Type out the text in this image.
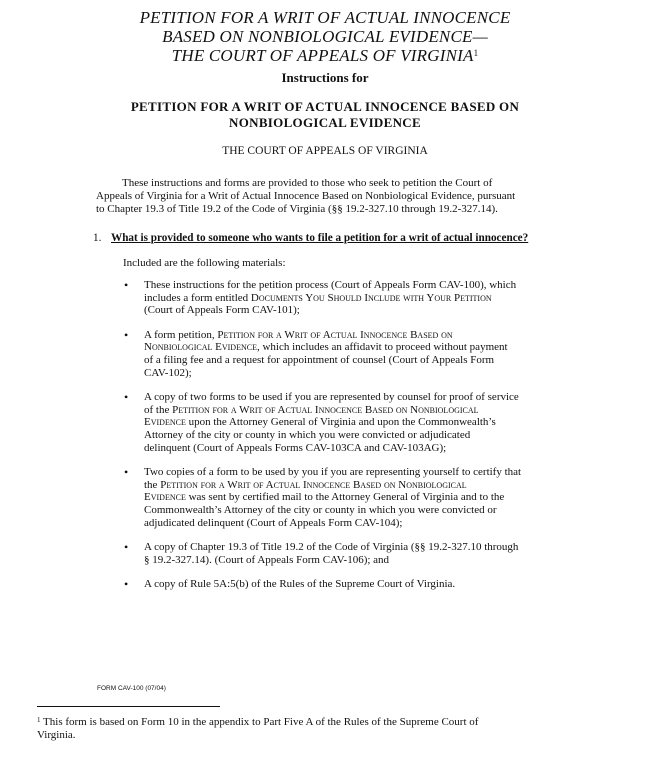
PETITION FOR A WRIT OF ACTUAL INNOCENCE
BASED ON NONBIOLOGICAL EVIDENCE—
THE COURT OF APPEALS OF VIRGINIA$^1$
Instructions for
PETITION FOR A WRIT OF ACTUAL INNOCENCE BASED ON
NONBIOLOGICAL EVIDENCE
THE COURT OF APPEALS OF VIRGINIA
These instructions and forms are provided to those who seek to petition the Court of
Appeals of Virginia for a Writ of Actual Innocence Based on Nonbiological Evidence, pursuant
to Chapter 19.3 of Title 19.2 of the Code of Virginia (§§ 19.2-327.10 through 19.2-327.14).
1. What is provided to someone who wants to file a petition for a writ of actual innocence?
Included are the following materials:
• These instructions for the petition process (Court of Appeals Form CAV-100), which
includes a form entitled Documents You Should Include with Your Petition
(Court of Appeals Form CAV-101);
• A form petition, Petition for a Writ of Actual Innocence Based on
Nonbiological Evidence, which includes an affidavit to proceed without payment
of a filing fee and a request for appointment of counsel (Court of Appeals Form
CAV-102);
• A copy of two forms to be used if you are represented by counsel for proof of service
of the Petition for a Writ of Actual Innocence Based on Nonbiological
Evidence upon the Attorney General of Virginia and upon the Commonwealth’s
Attorney of the city or county in which you were convicted or adjudicated
delinquent (Court of Appeals Forms CAV-103CA and CAV-103AG);
• Two copies of a form to be used by you if you are representing yourself to certify that
the Petition for a Writ of Actual Innocence Based on Nonbiological
Evidence was sent by certified mail to the Attorney General of Virginia and to the
Commonwealth’s Attorney of the city or county in which you were convicted or
adjudicated delinquent (Court of Appeals Form CAV-104);
• A copy of Chapter 19.3 of Title 19.2 of the Code of Virginia (§§ 19.2-327.10 through
§ 19.2-327.14). (Court of Appeals Form CAV-106); and
• A copy of Rule 5A:5(b) of the Rules of the Supreme Court of Virginia.
FORM CAV-100 (07/04)
$^1$ This form is based on Form 10 in the appendix to Part Five A of the Rules of the Supreme Court of
Virginia.
